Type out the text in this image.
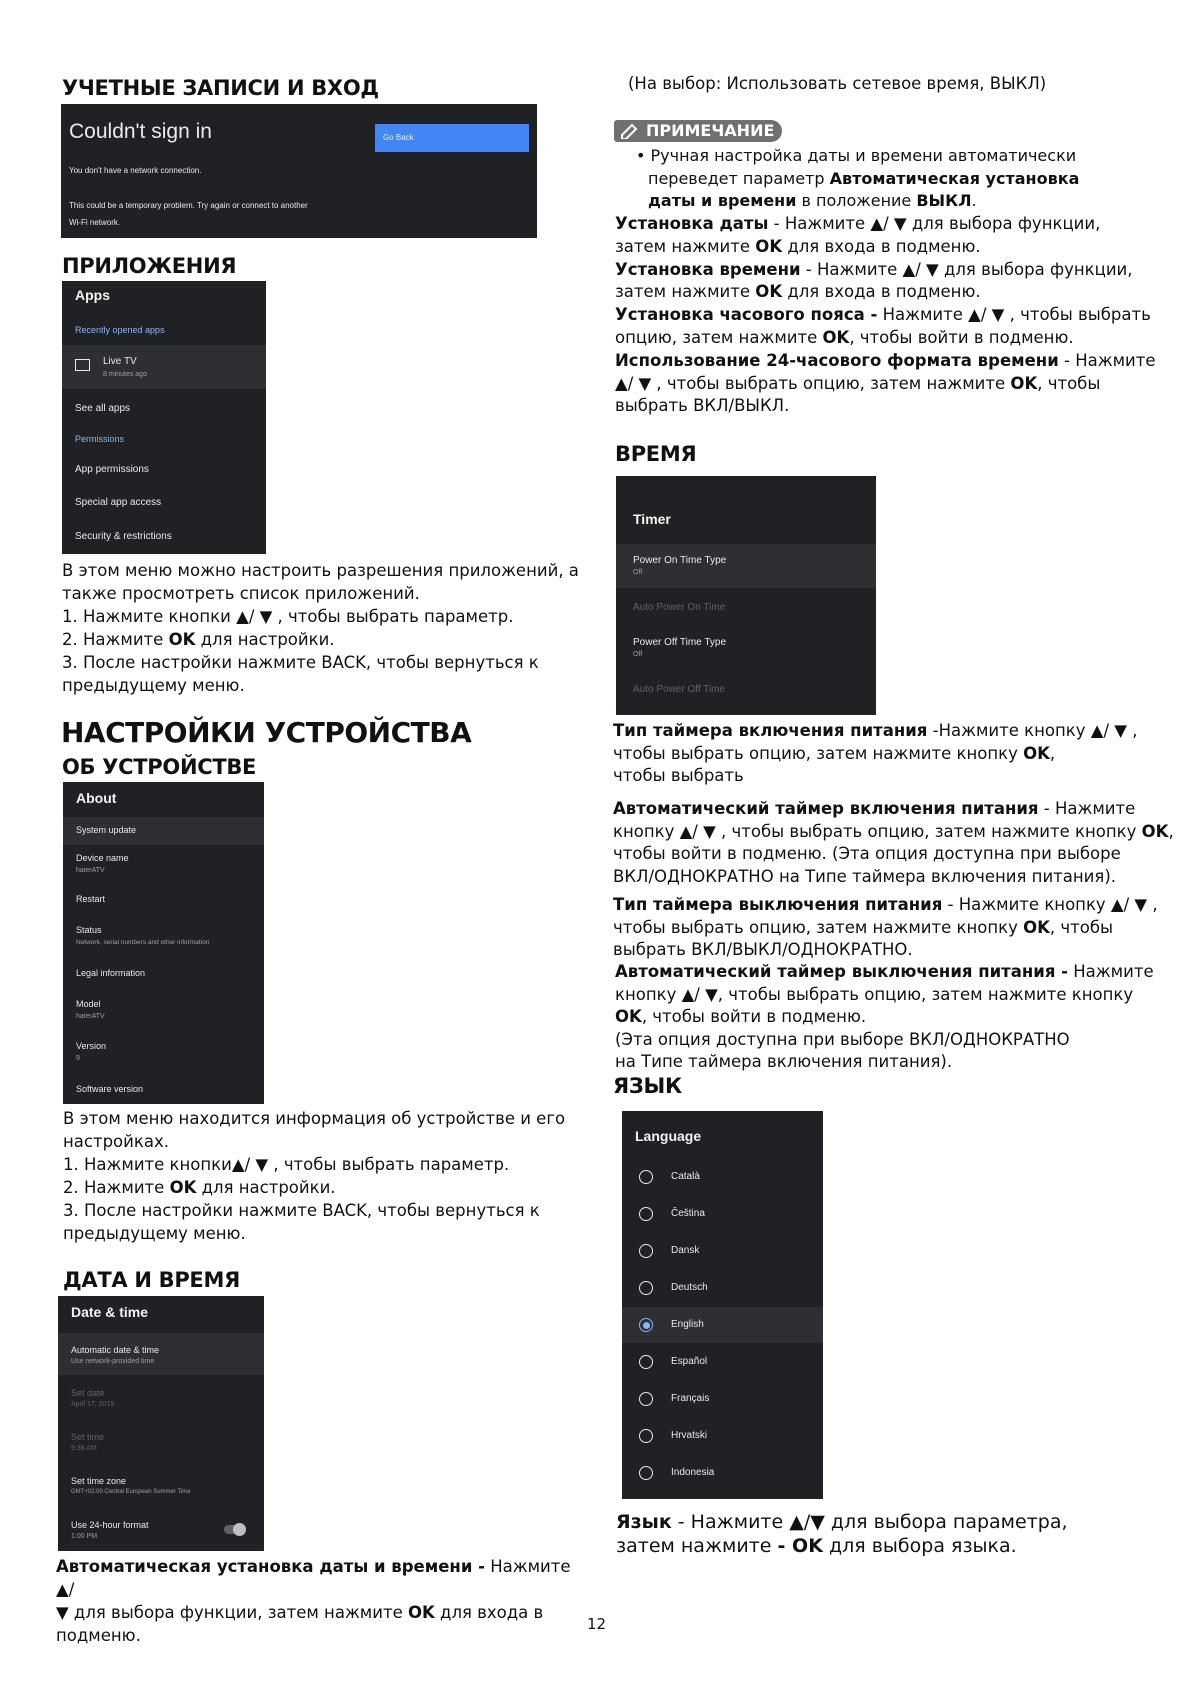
УЧЕТНЫЕ ЗАПИСИ И ВХОД
Couldn't sign in
You don't have a network connection.
This could be a temporary problem. Try again or connect to another
Wi-Fi network.
Go Back
ПРИЛОЖЕНИЯ
Apps
Recently opened apps
Live TV
8 minutes ago
See all apps
Permissions
App permissions
Special app access
Security & restrictions
В этом меню можно настроить разрешения приложений, а
также просмотреть список приложений.
1. Нажмите кнопки ▲/ ▼ , чтобы выбрать параметр.
2. Нажмите OK для настройки.
3. После настройки нажмите BACK, чтобы вернуться к
предыдущему меню.
НАСТРОЙКИ УСТРОЙСТВА
ОБ УСТРОЙСТВЕ
About
System update
Device name
haierATV
Restart
Status
Network, serial numbers and other information
Legal information
Model
haierATV
Version
9
Software version
В этом меню находится информация об устройстве и его
настройках.
1. Нажмите кнопки▲/ ▼ , чтобы выбрать параметр.
2. Нажмите OK для настройки.
3. После настройки нажмите BACK, чтобы вернуться к
предыдущему меню.
ДАТА И ВРЕМЯ
Date & time
Automatic date & time
Use network-provided time
Set date
April 17, 2019
Set time
9:38 AM
Set time zone
GMT+02:00 Central European Summer Time
Use 24-hour format
1:00 PM
Автоматическая установка даты и времени - Нажмите ▲/
▼ для выбора функции, затем нажмите OK для входа в
подменю.
(На выбор: Использовать сетевое время, ВЫКЛ)
ПРИМЕЧАНИЕ
• Ручная настройка даты и времени автоматически
переведет параметр Автоматическая установка
даты и времени в положение ВЫКЛ.
Установка даты - Нажмите ▲/ ▼ для выбора функции,
затем нажмите OK для входа в подменю.
Установка времени - Нажмите ▲/ ▼ для выбора функции,
затем нажмите OK для входа в подменю.
Установка часового пояса - Нажмите ▲/ ▼ , чтобы выбрать
опцию, затем нажмите OK, чтобы войти в подменю.
Использование 24-часового формата времени - Нажмите
▲/ ▼ , чтобы выбрать опцию, затем нажмите OK, чтобы
выбрать ВКЛ/ВЫКЛ.
ВРЕМЯ
Timer
Power On Time Type
Off
Auto Power On Time
Power Off Time Type
Off
Auto Power Off Time
Тип таймера включения питания -Нажмите кнопку ▲/ ▼ ,
чтобы выбрать опцию, затем нажмите кнопку OK,
чтобы выбрать
Автоматический таймер включения питания - Нажмите
кнопку ▲/ ▼ , чтобы выбрать опцию, затем нажмите кнопку OK,
чтобы войти в подменю. (Эта опция доступна при выборе
ВКЛ/ОДНОКРАТНО на Типе таймера включения питания).
Тип таймера выключения питания - Нажмите кнопку ▲/ ▼ ,
чтобы выбрать опцию, затем нажмите кнопку OK, чтобы
выбрать ВКЛ/ВЫКЛ/ОДНОКРАТНО.
Автоматический таймер выключения питания - Нажмите
кнопку ▲/ ▼, чтобы выбрать опцию, затем нажмите кнопку
OK, чтобы войти в подменю.
(Эта опция доступна при выборе ВКЛ/ОДНОКРАТНО
на Типе таймера включения питания).
ЯЗЫК
Language
Català
Čeština
Dansk
Deutsch
English
Español
Français
Hrvatski
Indonesia
Язык - Нажмите ▲/▼ для выбора параметра,
затем нажмите - OK для выбора языка.
12
